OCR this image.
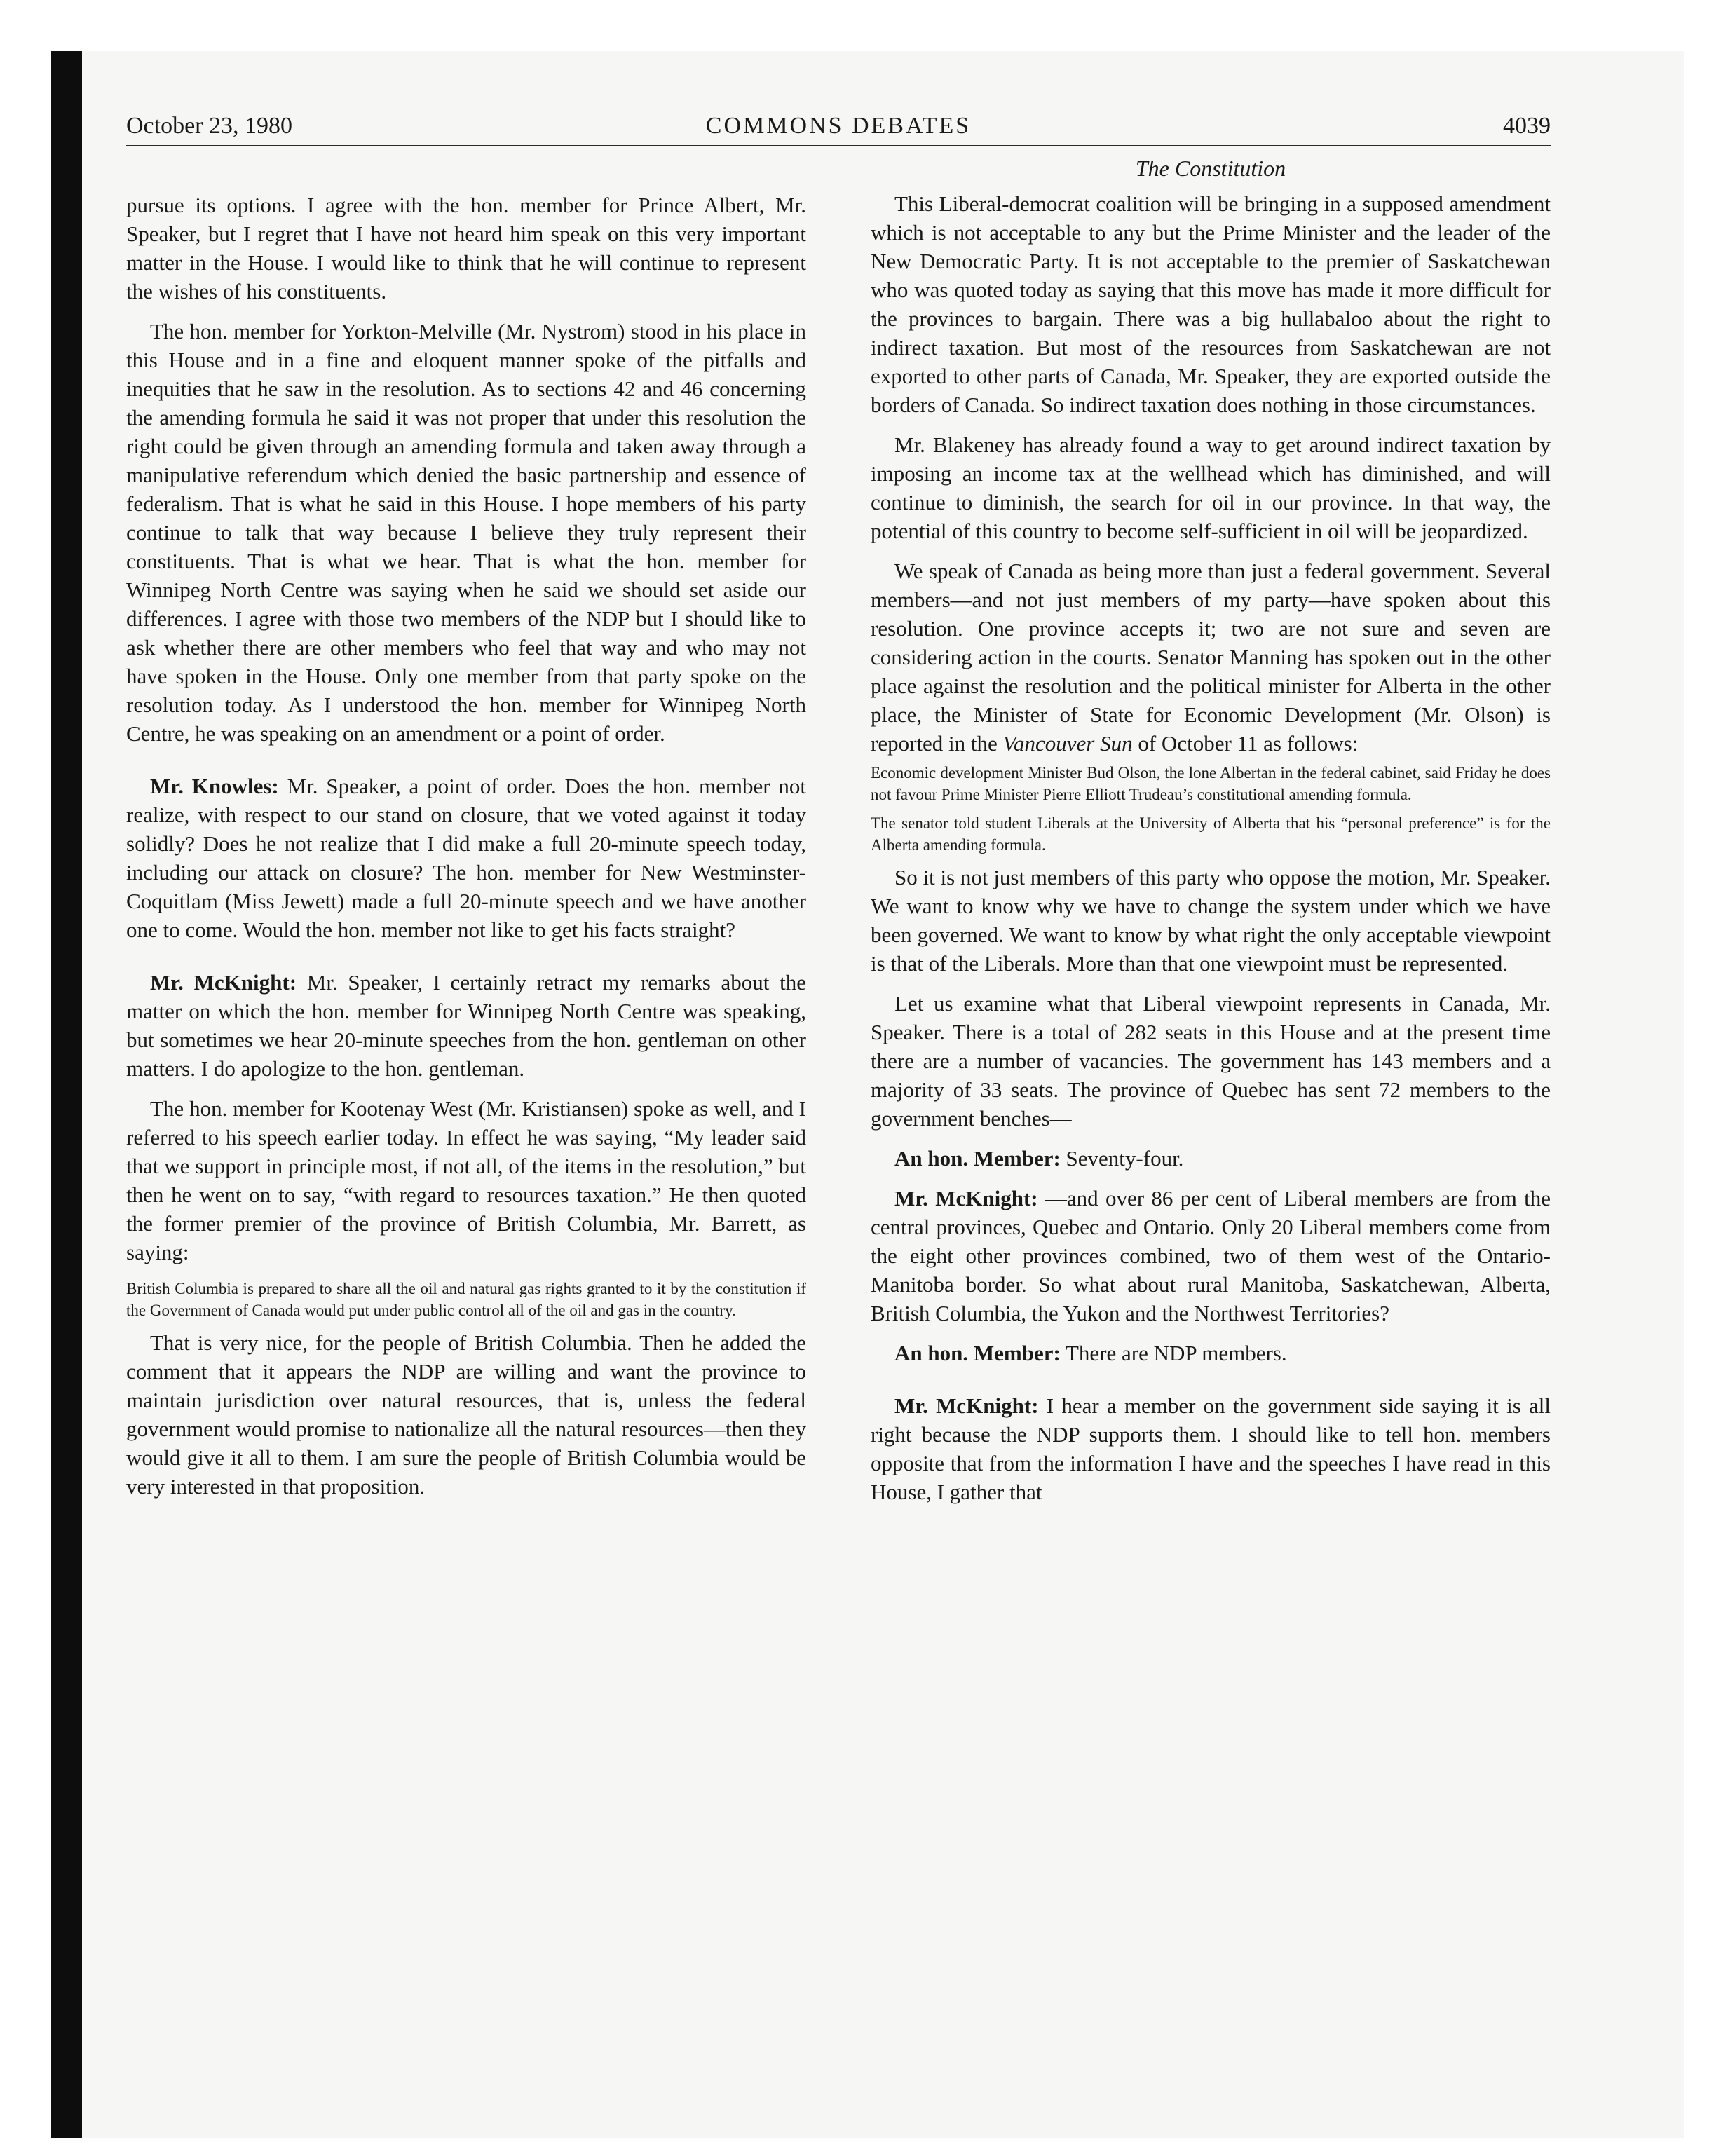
October 23, 1980	COMMONS DEBATES	4039

pursue its options. I agree with the hon. member for Prince Albert, Mr. Speaker, but I regret that I have not heard him speak on this very important matter in the House. I would like to think that he will continue to represent the wishes of his constituents.

The hon. member for Yorkton-Melville (Mr. Nystrom) stood in his place in this House and in a fine and eloquent manner spoke of the pitfalls and inequities that he saw in the resolution. As to sections 42 and 46 concerning the amending formula he said it was not proper that under this resolution the right could be given through an amending formula and taken away through a manipulative referendum which denied the basic partnership and essence of federalism. That is what he said in this House. I hope members of his party continue to talk that way because I believe they truly represent their constituents. That is what we hear. That is what the hon. member for Winnipeg North Centre was saying when he said we should set aside our differences. I agree with those two members of the NDP but I should like to ask whether there are other members who feel that way and who may not have spoken in the House. Only one member from that party spoke on the resolution today. As I understood the hon. member for Winnipeg North Centre, he was speaking on an amendment or a point of order.

Mr. Knowles: Mr. Speaker, a point of order. Does the hon. member not realize, with respect to our stand on closure, that we voted against it today solidly? Does he not realize that I did make a full 20-minute speech today, including our attack on closure? The hon. member for New Westminster-Coquitlam (Miss Jewett) made a full 20-minute speech and we have another one to come. Would the hon. member not like to get his facts straight?

Mr. McKnight: Mr. Speaker, I certainly retract my remarks about the matter on which the hon. member for Winnipeg North Centre was speaking, but sometimes we hear 20-minute speeches from the hon. gentleman on other matters. I do apologize to the hon. gentleman.

The hon. member for Kootenay West (Mr. Kristiansen) spoke as well, and I referred to his speech earlier today. In effect he was saying, “My leader said that we support in principle most, if not all, of the items in the resolution,” but then he went on to say, “with regard to resources taxation.” He then quoted the former premier of the province of British Columbia, Mr. Barrett, as saying:

British Columbia is prepared to share all the oil and natural gas rights granted to it by the constitution if the Government of Canada would put under public control all of the oil and gas in the country.

That is very nice, for the people of British Columbia. Then he added the comment that it appears the NDP are willing and want the province to maintain jurisdiction over natural resources, that is, unless the federal government would promise to nationalize all the natural resources—then they would give it all to them. I am sure the people of British Columbia would be very interested in that proposition.

The Constitution

This Liberal-democrat coalition will be bringing in a supposed amendment which is not acceptable to any but the Prime Minister and the leader of the New Democratic Party. It is not acceptable to the premier of Saskatchewan who was quoted today as saying that this move has made it more difficult for the provinces to bargain. There was a big hullabaloo about the right to indirect taxation. But most of the resources from Saskatchewan are not exported to other parts of Canada, Mr. Speaker, they are exported outside the borders of Canada. So indirect taxation does nothing in those circumstances.

Mr. Blakeney has already found a way to get around indirect taxation by imposing an income tax at the wellhead which has diminished, and will continue to diminish, the search for oil in our province. In that way, the potential of this country to become self-sufficient in oil will be jeopardized.

We speak of Canada as being more than just a federal government. Several members—and not just members of my party—have spoken about this resolution. One province accepts it; two are not sure and seven are considering action in the courts. Senator Manning has spoken out in the other place against the resolution and the political minister for Alberta in the other place, the Minister of State for Economic Development (Mr. Olson) is reported in the Vancouver Sun of October 11 as follows:

Economic development Minister Bud Olson, the lone Albertan in the federal cabinet, said Friday he does not favour Prime Minister Pierre Elliott Trudeau’s constitutional amending formula.

The senator told student Liberals at the University of Alberta that his “personal preference” is for the Alberta amending formula.

So it is not just members of this party who oppose the motion, Mr. Speaker. We want to know why we have to change the system under which we have been governed. We want to know by what right the only acceptable viewpoint is that of the Liberals. More than that one viewpoint must be represented.

Let us examine what that Liberal viewpoint represents in Canada, Mr. Speaker. There is a total of 282 seats in this House and at the present time there are a number of vacancies. The government has 143 members and a majority of 33 seats. The province of Quebec has sent 72 members to the government benches—

An hon. Member: Seventy-four.

Mr. McKnight: —and over 86 per cent of Liberal members are from the central provinces, Quebec and Ontario. Only 20 Liberal members come from the eight other provinces combined, two of them west of the Ontario-Manitoba border. So what about rural Manitoba, Saskatchewan, Alberta, British Columbia, the Yukon and the Northwest Territories?

An hon. Member: There are NDP members.

Mr. McKnight: I hear a member on the government side saying it is all right because the NDP supports them. I should like to tell hon. members opposite that from the information I have and the speeches I have read in this House, I gather that
